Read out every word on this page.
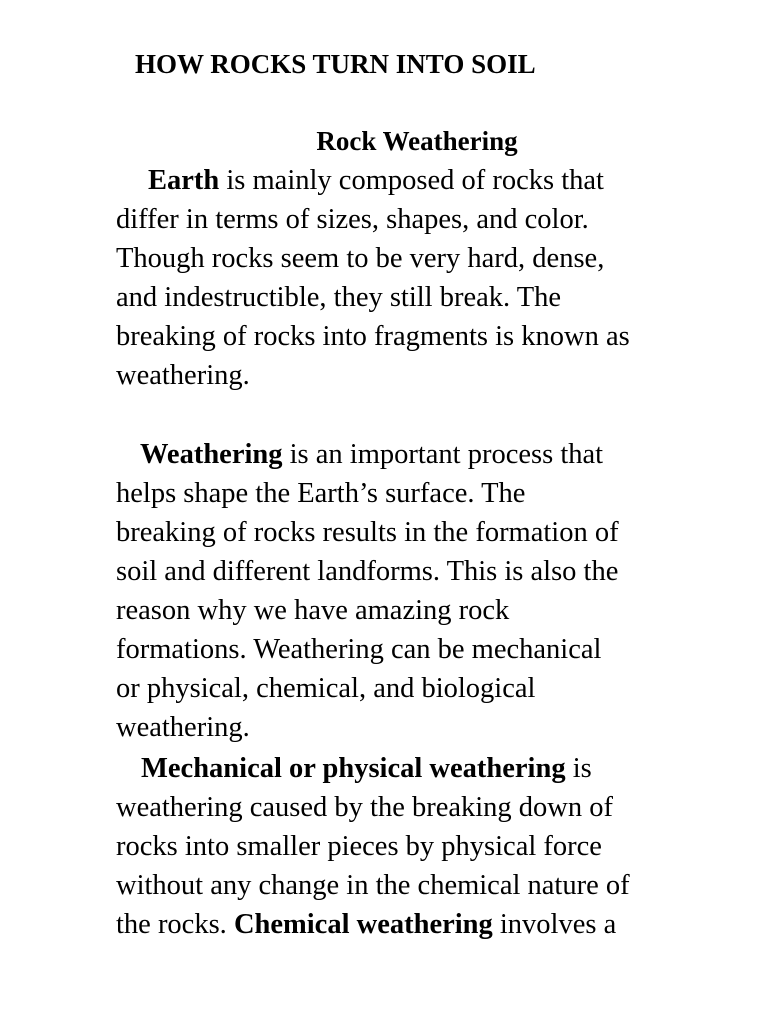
HOW ROCKS TURN INTO SOIL
Rock Weathering

Earth is mainly composed of rocks that

differ in terms of sizes, shapes, and color.

Though rocks seem to be very hard, dense,

and indestructible, they still break. The

breaking of rocks into fragments is known as

weathering.

Weathering is an important process that

helps shape the Earth’s surface. The

breaking of rocks results in the formation of

soil and different landforms. This is also the

reason why we have amazing rock

formations. Weathering can be mechanical

or physical, chemical, and biological

weathering.

Mechanical or physical weathering is

weathering caused by the breaking down of

rocks into smaller pieces by physical force

without any change in the chemical nature of

the rocks. Chemical weathering involves a
